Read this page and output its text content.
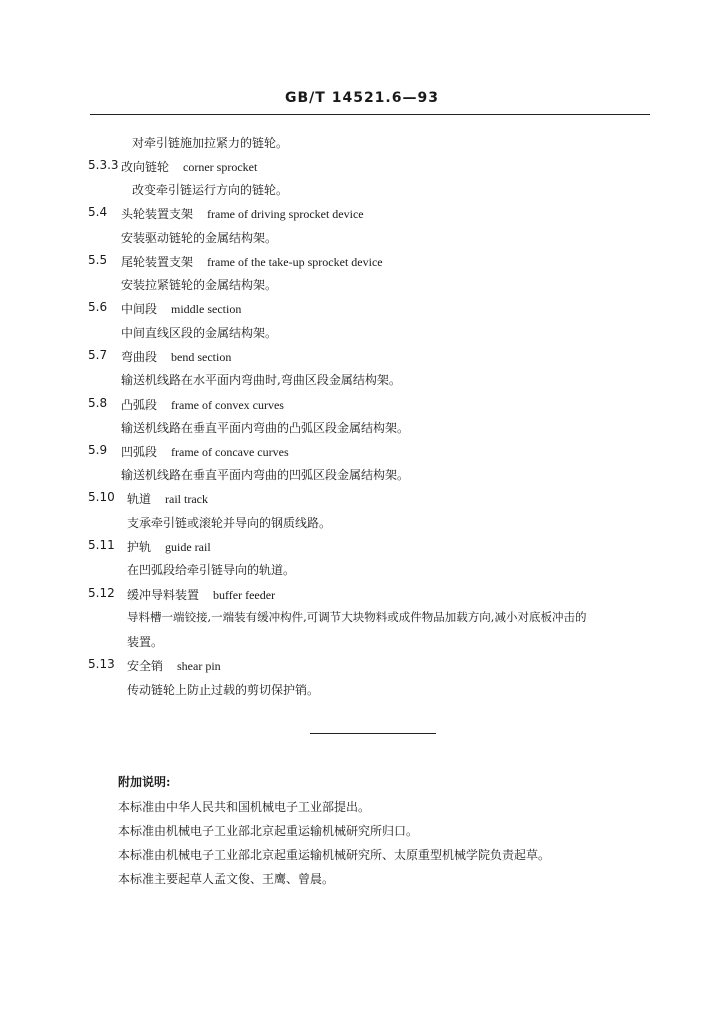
GB/T 14521.6—93
对牵引链施加拉紧力的链轮。
5.3.3 改向链轮 corner sprocket
改变牵引链运行方向的链轮。
5.4 头轮装置支架 frame of driving sprocket device
安装驱动链轮的金属结构架。
5.5 尾轮装置支架 frame of the take-up sprocket device
安装拉紧链轮的金属结构架。
5.6 中间段 middle section
中间直线区段的金属结构架。
5.7 弯曲段 bend section
输送机线路在水平面内弯曲时,弯曲区段金属结构架。
5.8 凸弧段 frame of convex curves
输送机线路在垂直平面内弯曲的凸弧区段金属结构架。
5.9 凹弧段 frame of concave curves
输送机线路在垂直平面内弯曲的凹弧区段金属结构架。
5.10 轨道 rail track
支承牵引链或滚轮并导向的钢质线路。
5.11 护轨 guide rail
在凹弧段给牵引链导向的轨道。
5.12 缓冲导料装置 buffer feeder
导料槽一端铰接,一端装有缓冲构件,可调节大块物料或成件物品加载方向,减小对底板冲击的
装置。
5.13 安全销 shear pin
传动链轮上防止过载的剪切保护销。
附加说明:
本标准由中华人民共和国机械电子工业部提出。
本标准由机械电子工业部北京起重运输机械研究所归口。
本标准由机械电子工业部北京起重运输机械研究所、太原重型机械学院负责起草。
本标准主要起草人孟文俊、王鹰、曾晨。
